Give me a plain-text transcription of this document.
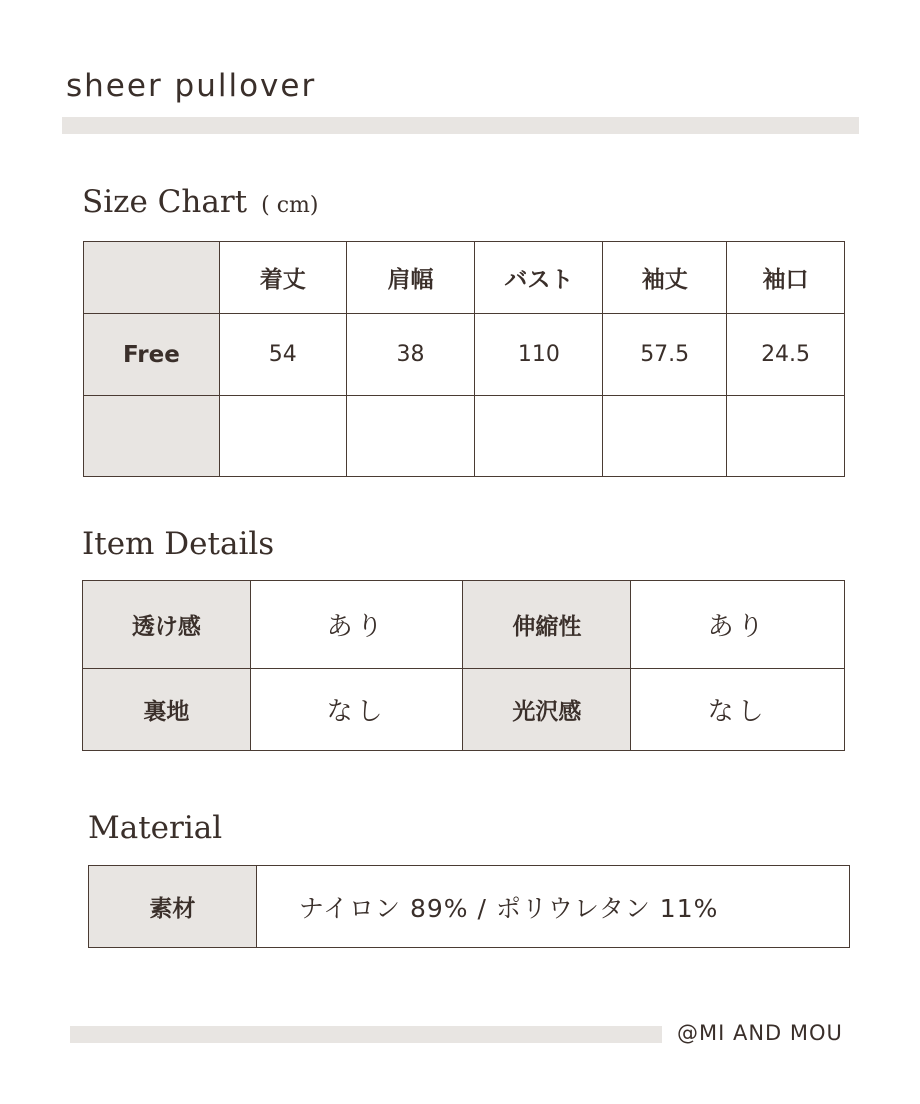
sheer pullover
Size Chart ( cm)
	着丈	肩幅	バスト	袖丈	袖口
Free	54	38	110	57.5	24.5

Item Details
透け感	あり	伸縮性	あり
裏地	なし	光沢感	なし
Material
素材	ナイロン 89% / ポリウレタン 11%
@MI AND MOU
